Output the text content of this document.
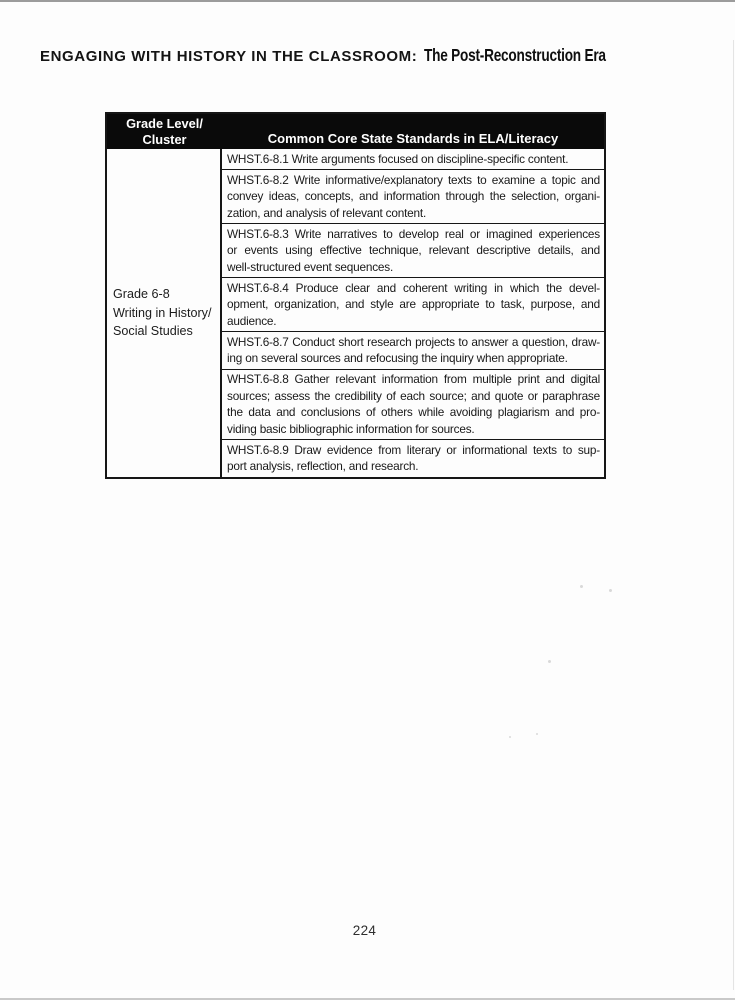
ENGAGING WITH HISTORY IN THE CLASSROOM: The Post-Reconstruction Era
Grade Level/
Cluster	Common Core State Standards in ELA/Literacy
Grade 6-8
Writing in History/
Social Studies
WHST.6-8.1 Write arguments focused on discipline-specific content.
WHST.6-8.2 Write informative/explanatory texts to examine a topic and
convey ideas, concepts, and information through the selection, organi-
zation, and analysis of relevant content.
WHST.6-8.3 Write narratives to develop real or imagined experiences
or events using effective technique, relevant descriptive details, and
well-structured event sequences.
WHST.6-8.4 Produce clear and coherent writing in which the devel-
opment, organization, and style are appropriate to task, purpose, and
audience.
WHST.6-8.7 Conduct short research projects to answer a question, draw-
ing on several sources and refocusing the inquiry when appropriate.
WHST.6-8.8 Gather relevant information from multiple print and digital
sources; assess the credibility of each source; and quote or paraphrase
the data and conclusions of others while avoiding plagiarism and pro-
viding basic bibliographic information for sources.
WHST.6-8.9 Draw evidence from literary or informational texts to sup-
port analysis, reflection, and research.
224
